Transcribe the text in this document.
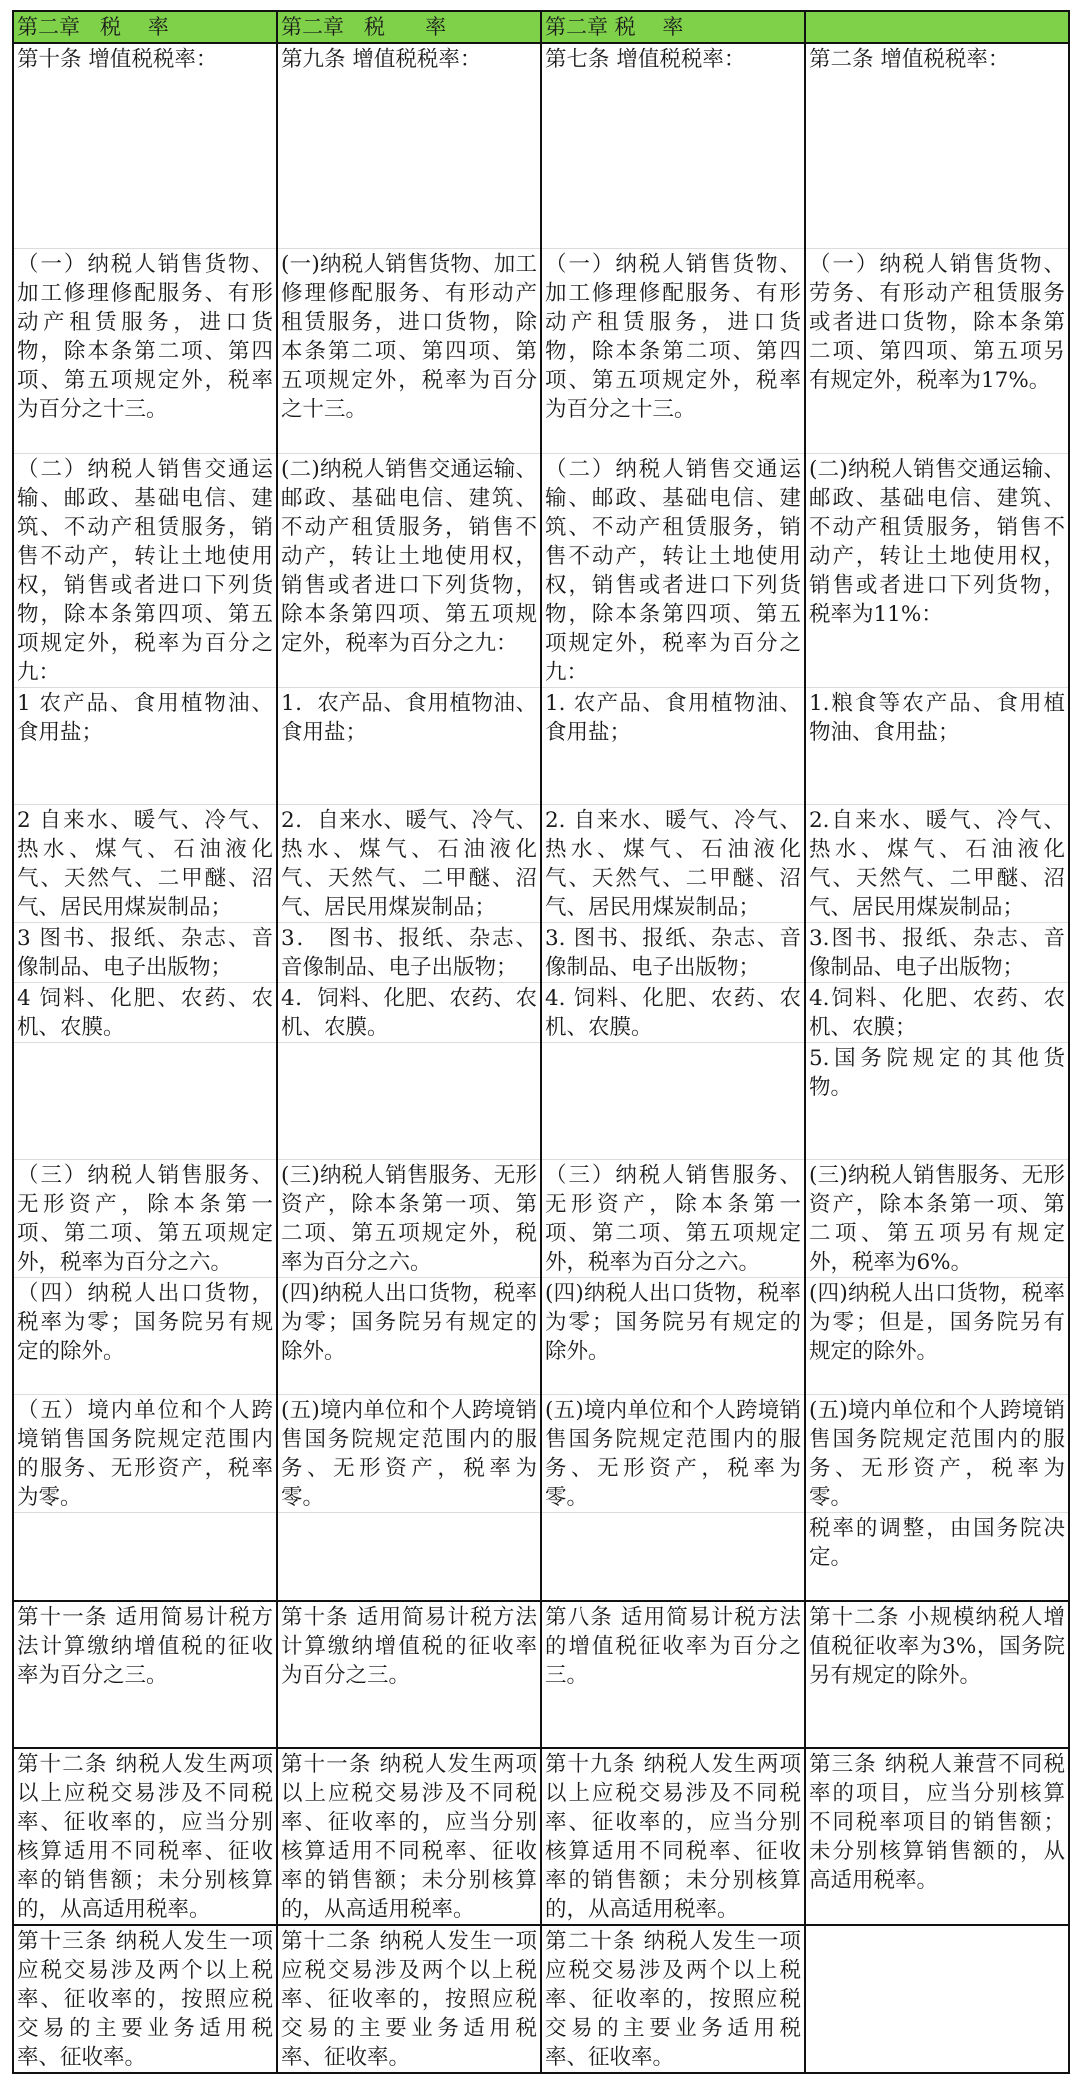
第二章   税    率	第二章   税      率	第二章 税    率	
第十条 增值税税率：	第九条 增值税税率：	第七条 增值税税率：	第二条 增值税税率：
（一）纳税人销售货物、加工修理修配服务、有形动产租赁服务，进口货物，除本条第二项、第四项、第五项规定外，税率为百分之十三。	(一)纳税人销售货物、加工修理修配服务、有形动产租赁服务，进口货物，除本条第二项、第四项、第五项规定外，税率为百分之十三。	（一）纳税人销售货物、加工修理修配服务、有形动产租赁服务，进口货物，除本条第二项、第四项、第五项规定外，税率为百分之十三。	（一）纳税人销售货物、劳务、有形动产租赁服务或者进口货物，除本条第二项、第四项、第五项另有规定外，税率为17%。
（二）纳税人销售交通运输、邮政、基础电信、建筑、不动产租赁服务，销售不动产，转让土地使用权，销售或者进口下列货物，除本条第四项、第五项规定外，税率为百分之九：	(二)纳税人销售交通运输、邮政、基础电信、建筑、不动产租赁服务，销售不动产，转让土地使用权，销售或者进口下列货物，除本条第四项、第五项规定外，税率为百分之九：	（二）纳税人销售交通运输、邮政、基础电信、建筑、不动产租赁服务，销售不动产，转让土地使用权，销售或者进口下列货物，除本条第四项、第五项规定外，税率为百分之九：	(二)纳税人销售交通运输、邮政、基础电信、建筑、不动产租赁服务，销售不动产，转让土地使用权，销售或者进口下列货物，税率为11%：
1 农产品、食用植物油、食用盐；	1．农产品、食用植物油、食用盐；	1. 农产品、食用植物油、食用盐；	1.粮食等农产品、食用植物油、食用盐；
2 自来水、暖气、冷气、热水、煤气、石油液化气、天然气、二甲醚、沼气、居民用煤炭制品；	2．自来水、暖气、冷气、热水、煤气、石油液化气、天然气、二甲醚、沼气、居民用煤炭制品；	2. 自来水、暖气、冷气、热水、煤气、石油液化气、天然气、二甲醚、沼气、居民用煤炭制品；	2.自来水、暖气、冷气、热水、煤气、石油液化气、天然气、二甲醚、沼气、居民用煤炭制品；
3 图书、报纸、杂志、音像制品、电子出版物；	3． 图书、报纸、杂志、音像制品、电子出版物；	3. 图书、报纸、杂志、音像制品、电子出版物；	3.图书、报纸、杂志、音像制品、电子出版物；
4 饲料、化肥、农药、农机、农膜。	4．饲料、化肥、农药、农机、农膜。	4. 饲料、化肥、农药、农机、农膜。	4.饲料、化肥、农药、农机、农膜；
			5.国务院规定的其他货物。
（三）纳税人销售服务、无形资产，除本条第一项、第二项、第五项规定外，税率为百分之六。	(三)纳税人销售服务、无形资产，除本条第一项、第二项、第五项规定外，税率为百分之六。	（三）纳税人销售服务、无形资产，除本条第一项、第二项、第五项规定外，税率为百分之六。	(三)纳税人销售服务、无形资产，除本条第一项、第二项、第五项另有规定外，税率为6%。
（四）纳税人出口货物，税率为零；国务院另有规定的除外。	(四)纳税人出口货物，税率为零；国务院另有规定的除外。	(四)纳税人出口货物，税率为零；国务院另有规定的除外。	(四)纳税人出口货物，税率为零；但是，国务院另有规定的除外。
（五）境内单位和个人跨境销售国务院规定范围内的服务、无形资产，税率为零。	(五)境内单位和个人跨境销售国务院规定范围内的服务、无形资产，税率为零。	(五)境内单位和个人跨境销售国务院规定范围内的服务、无形资产，税率为零。	(五)境内单位和个人跨境销售国务院规定范围内的服务、无形资产，税率为零。
			税率的调整，由国务院决定。
第十一条 适用简易计税方法计算缴纳增值税的征收率为百分之三。	第十条 适用简易计税方法计算缴纳增值税的征收率为百分之三。	第八条 适用简易计税方法的增值税征收率为百分之三。	第十二条 小规模纳税人增值税征收率为3%，国务院另有规定的除外。
第十二条 纳税人发生两项以上应税交易涉及不同税率、征收率的，应当分别核算适用不同税率、征收率的销售额；未分别核算的，从高适用税率。	第十一条 纳税人发生两项以上应税交易涉及不同税率、征收率的，应当分别核算适用不同税率、征收率的销售额；未分别核算的，从高适用税率。	第十九条 纳税人发生两项以上应税交易涉及不同税率、征收率的，应当分别核算适用不同税率、征收率的销售额；未分别核算的，从高适用税率。	第三条 纳税人兼营不同税率的项目，应当分别核算不同税率项目的销售额；未分别核算销售额的，从高适用税率。
第十三条 纳税人发生一项应税交易涉及两个以上税率、征收率的，按照应税交易的主要业务适用税率、征收率。	第十二条 纳税人发生一项应税交易涉及两个以上税率、征收率的，按照应税交易的主要业务适用税率、征收率。	第二十条 纳税人发生一项应税交易涉及两个以上税率、征收率的，按照应税交易的主要业务适用税率、征收率。	
